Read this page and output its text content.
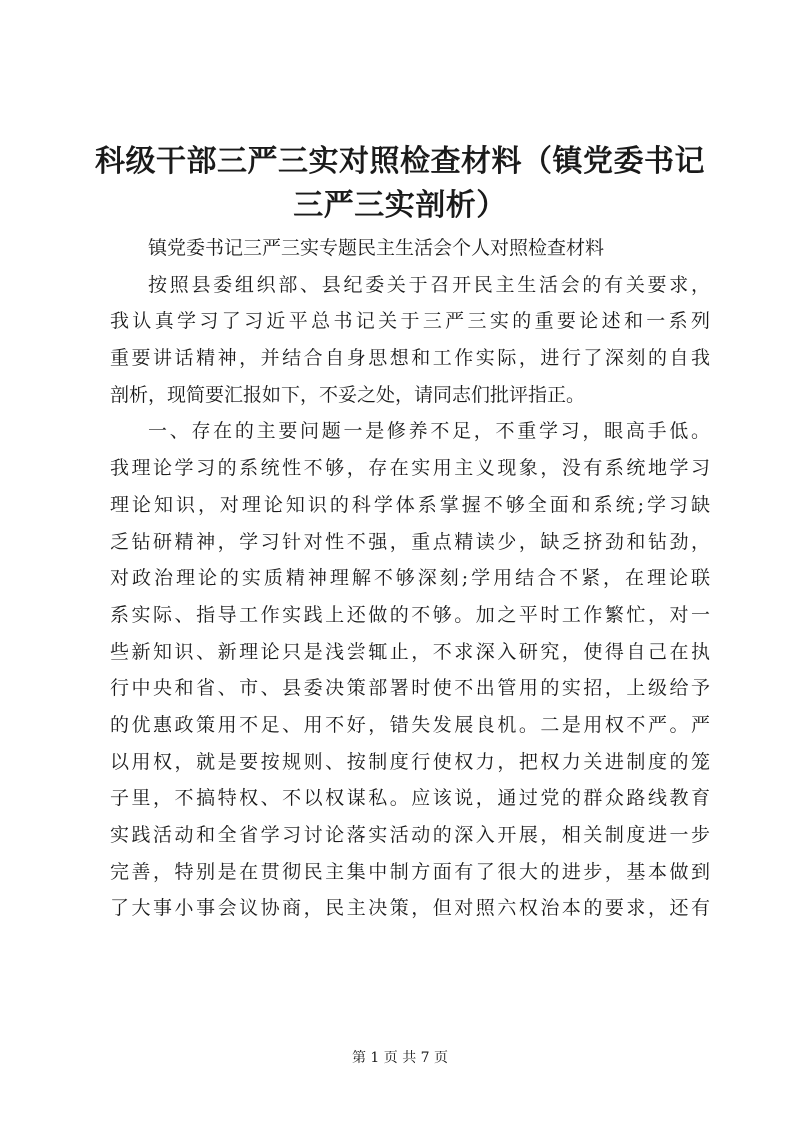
科级干部三严三实对照检查材料（镇党委书记
三严三实剖析）
镇党委书记三严三实专题民主生活会个人对照检查材料
按照县委组织部、县纪委关于召开民主生活会的有关要求，
我认真学习了习近平总书记关于三严三实的重要论述和一系列
重要讲话精神，并结合自身思想和工作实际，进行了深刻的自我
剖析，现简要汇报如下，不妥之处，请同志们批评指正。
一、存在的主要问题一是修养不足，不重学习，眼高手低。
我理论学习的系统性不够，存在实用主义现象，没有系统地学习
理论知识，对理论知识的科学体系掌握不够全面和系统;学习缺
乏钻研精神，学习针对性不强，重点精读少，缺乏挤劲和钻劲，
对政治理论的实质精神理解不够深刻;学用结合不紧，在理论联
系实际、指导工作实践上还做的不够。加之平时工作繁忙，对一
些新知识、新理论只是浅尝辄止，不求深入研究，使得自己在执
行中央和省、市、县委决策部署时使不出管用的实招，上级给予
的优惠政策用不足、用不好，错失发展良机。二是用权不严。严
以用权，就是要按规则、按制度行使权力，把权力关进制度的笼
子里，不搞特权、不以权谋私。应该说，通过党的群众路线教育
实践活动和全省学习讨论落实活动的深入开展，相关制度进一步
完善，特别是在贯彻民主集中制方面有了很大的进步，基本做到
了大事小事会议协商，民主决策，但对照六权治本的要求，还有
第 1 页 共 7 页
